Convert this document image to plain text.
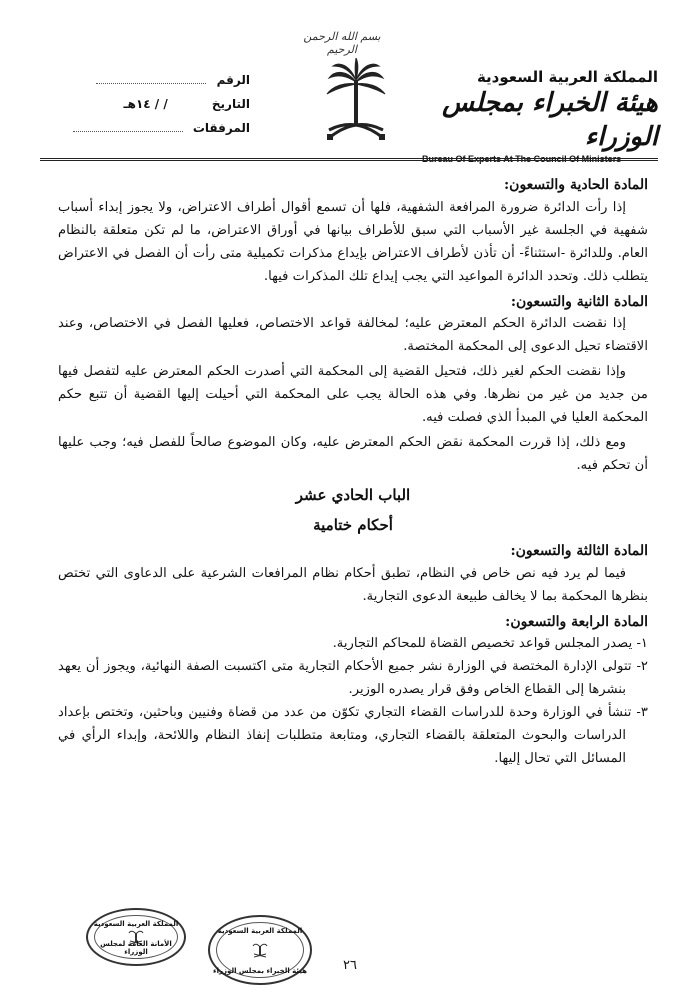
بسم الله الرحمن الرحيم
الرقم
التاريخ / / ١٤هـ
المرفقات
المملكة العربية السعودية
هيئة الخبراء بمجلس الوزراء
Bureau Of Experts At The Council Of Ministers
المادة الحادية والتسعون:

إذا رأت الدائرة ضرورة المرافعة الشفهية، فلها أن تسمع أقوال أطراف الاعتراض، ولا يجوز إبداء أسباب شفهية في الجلسة غير الأسباب التي سبق للأطراف بيانها في أوراق الاعتراض، ما لم تكن متعلقة بالنظام العام. وللدائرة -استثناءً- أن تأذن لأطراف الاعتراض بإيداع مذكرات تكميلية متى رأت أن الفصل في الاعتراض يتطلب ذلك. وتحدد الدائرة المواعيد التي يجب إيداع تلك المذكرات فيها.

المادة الثانية والتسعون:

إذا نقضت الدائرة الحكم المعترض عليه؛ لمخالفة قواعد الاختصاص، فعليها الفصل في الاختصاص، وعند الاقتضاء تحيل الدعوى إلى المحكمة المختصة.

وإذا نقضت الحكم لغير ذلك، فتحيل القضية إلى المحكمة التي أصدرت الحكم المعترض عليه لتفصل فيها من جديد من غير من نظرها. وفي هذه الحالة يجب على المحكمة التي أحيلت إليها القضية أن تتبع حكم المحكمة العليا في المبدأ الذي فصلت فيه.

ومع ذلك، إذا قررت المحكمة نقض الحكم المعترض عليه، وكان الموضوع صالحاً للفصل فيه؛ وجب عليها أن تحكم فيه.

الباب الحادي عشر
أحكام ختامية
المادة الثالثة والتسعون:

فيما لم يرد فيه نص خاص في النظام، تطبق أحكام نظام المرافعات الشرعية على الدعاوى التي تختص بنظرها المحكمة بما لا يخالف طبيعة الدعوى التجارية.

المادة الرابعة والتسعون:

١- يصدر المجلس قواعد تخصيص القضاة للمحاكم التجارية.

٢- تتولى الإدارة المختصة في الوزارة نشر جميع الأحكام التجارية متى اكتسبت الصفة النهائية، ويجوز أن يعهد بنشرها إلى القطاع الخاص وفق قرار يصدره الوزير.

٣- تنشأ في الوزارة وحدة للدراسات القضاء التجاري تكوّن من عدد من قضاة وفنيين وباحثين، وتختص بإعداد الدراسات والبحوث المتعلقة بالقضاء التجاري، ومتابعة متطلبات إنفاذ النظام واللائحة، وإبداء الرأي في المسائل التي تحال إليها.

المملكة العربية السعودية
الأمانة العامة لمجلس الوزراء
المملكة العربية السعودية
هيئة الخبراء بمجلس الوزراء	٢٦
